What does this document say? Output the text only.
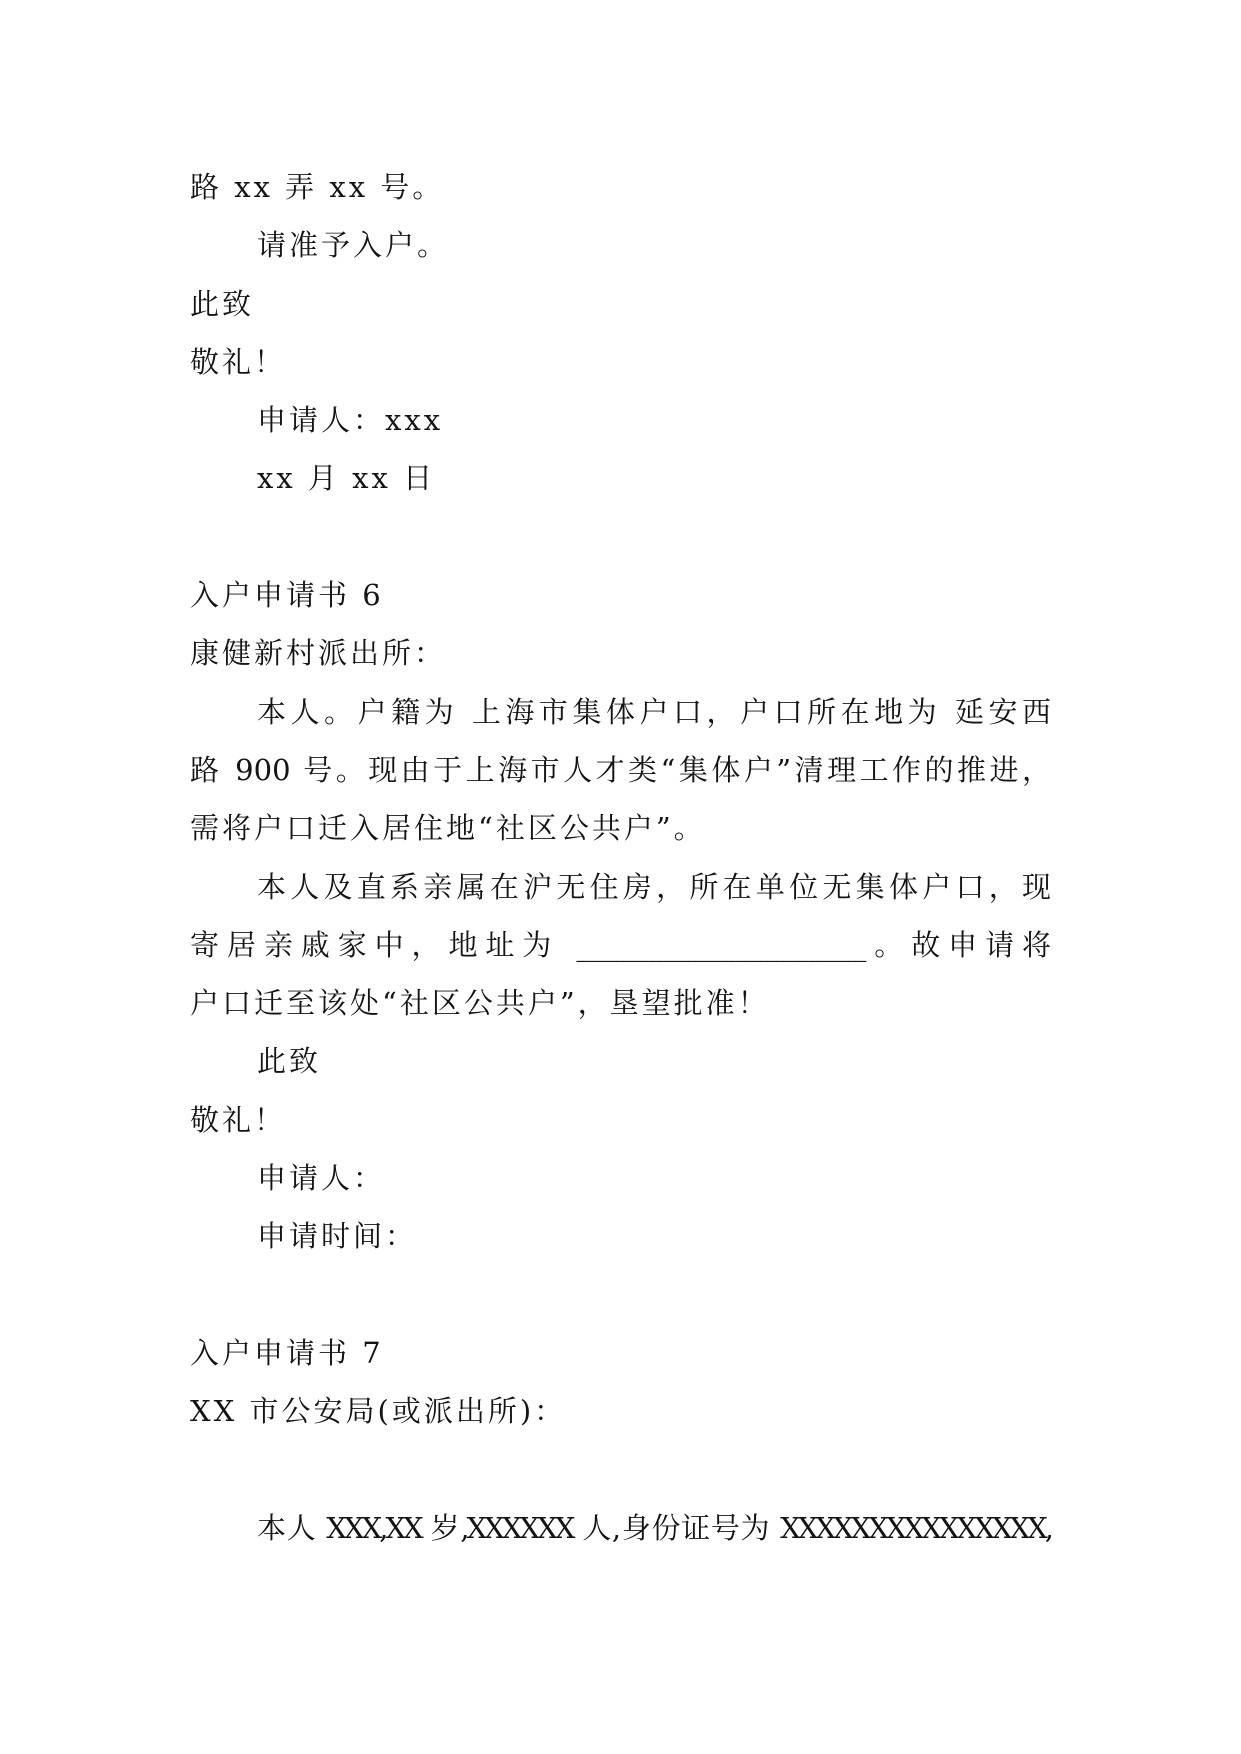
路 xx 弄 xx 号。
请准予入户。
此致
敬礼！
申请人：xxx
xx 月 xx 日
入户申请书 6
康健新村派出所：
本人。户籍为 上海市集体户口，户口所在地为 延安西
路 900 号。现由于上海市人才类“集体户”清理工作的推进，
需将户口迁入居住地“社区公共户”。
本人及直系亲属在沪无住房，所在单位无集体户口，现
寄居亲戚家中，地址为 ____________________。故申请将
户口迁至该处“社区公共户”，垦望批准！
此致
敬礼！
申请人：
申请时间：
入户申请书 7
XX 市公安局(或派出所)：
本人 XXX,XX 岁,XXXXXX 人,身份证号为 XXXXXXXXXXXXXXX,
